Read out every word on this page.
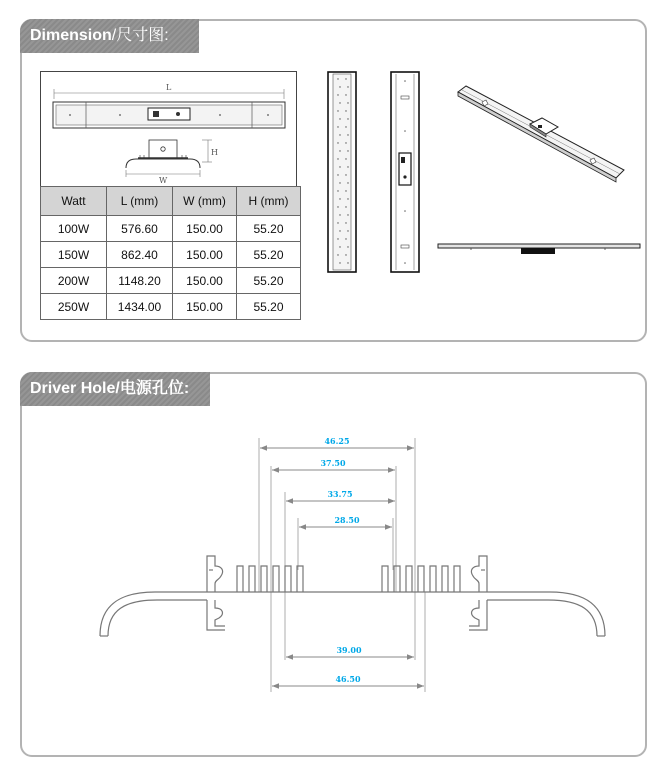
Dimension/尺寸图:
L
H
W
Watt	L (mm)	W (mm)	H (mm)
100W	576.60	150.00	55.20
150W	862.40	150.00	55.20
200W	1148.20	150.00	55.20
250W	1434.00	150.00	55.20
Driver Hole/电源孔位:
46.25
37.50
33.75
28.50
39.00
46.50
